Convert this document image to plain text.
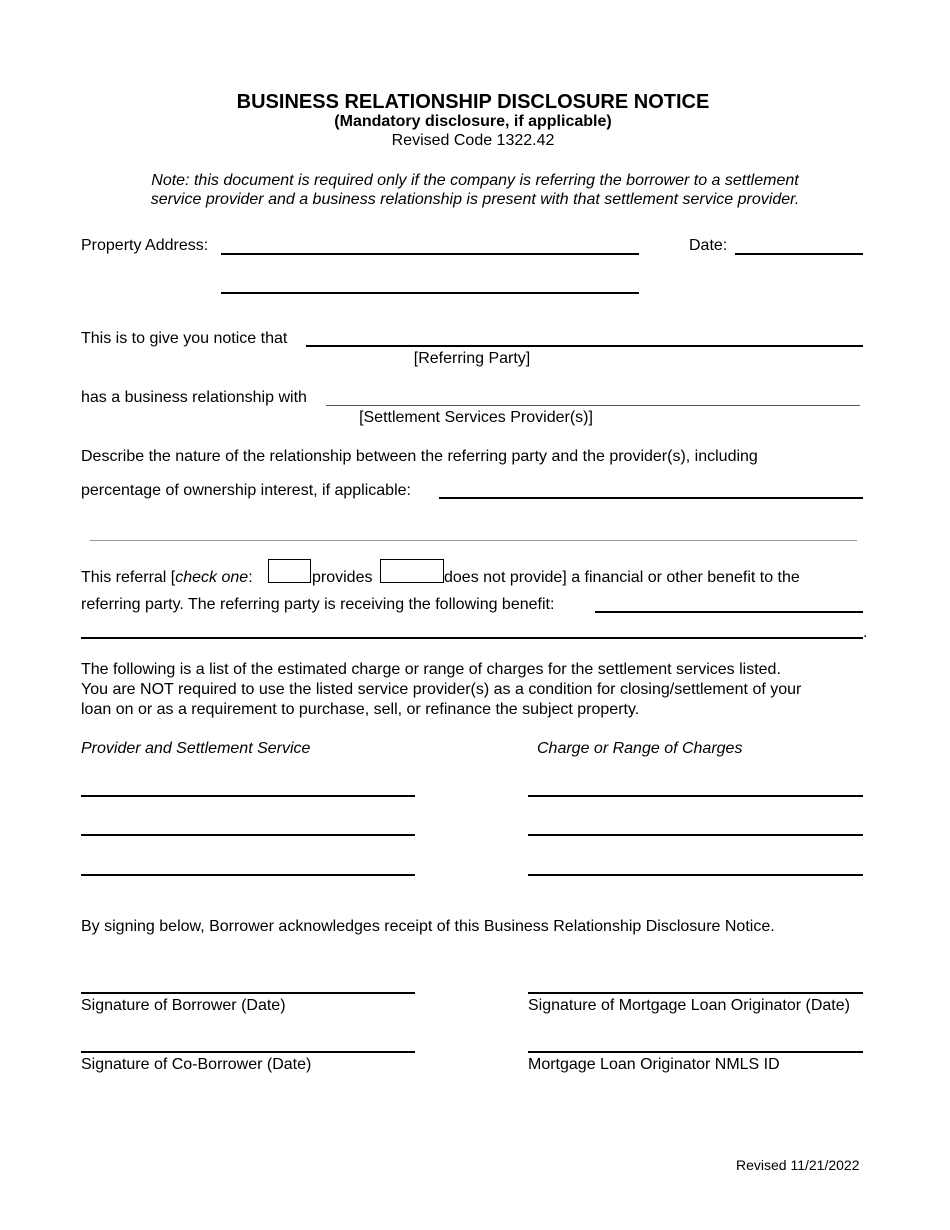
BUSINESS RELATIONSHIP DISCLOSURE NOTICE
(Mandatory disclosure, if applicable)
Revised Code 1322.42
Note: this document is required only if the company is referring the borrower to a settlement
service provider and a business relationship is present with that settlement service provider.
Property Address:	Date:
This is to give you notice that
[Referring Party]
has a business relationship with
[Settlement Services Provider(s)]
Describe the nature of the relationship between the referring party and the provider(s), including
percentage of ownership interest, if applicable:
This referral [check one:	provides	does not provide] a financial or other benefit to the
referring party. The referring party is receiving the following benefit:
.
The following is a list of the estimated charge or range of charges for the settlement services listed.
You are NOT required to use the listed service provider(s) as a condition for closing/settlement of your
loan on or as a requirement to purchase, sell, or refinance the subject property.
Provider and Settlement Service	Charge or Range of Charges
By signing below, Borrower acknowledges receipt of this Business Relationship Disclosure Notice.
Signature of Borrower (Date)	Signature of Mortgage Loan Originator (Date)
Signature of Co-Borrower (Date)	Mortgage Loan Originator NMLS ID
Revised 11/21/2022
